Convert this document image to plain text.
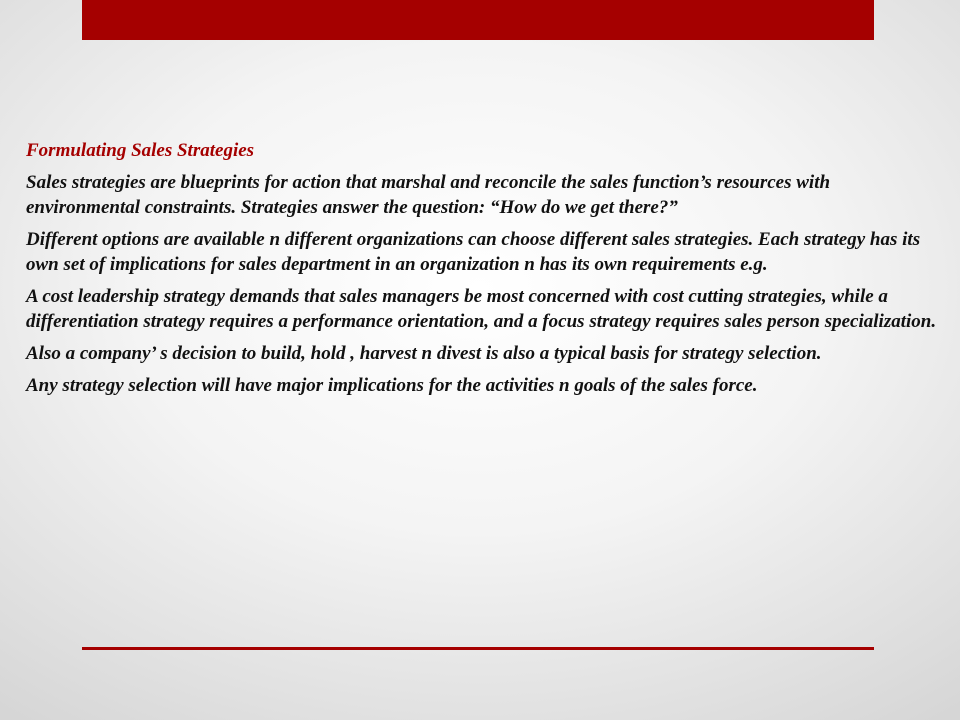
Formulating Sales Strategies
Sales strategies are blueprints for action that marshal and reconcile the sales function’s resources with environmental constraints. Strategies answer the question: “How do we get there?”
Different options are available n different organizations can choose different sales strategies. Each strategy has its own set of implications for sales department in an organization n has its own requirements e.g.
A cost leadership strategy demands that sales managers be most concerned with cost cutting strategies, while a differentiation strategy requires a performance orientation, and a focus strategy requires sales person specialization.
Also a company’ s decision to build, hold , harvest n divest is also a typical basis for strategy selection.
Any strategy selection will have major implications for the activities n goals of the sales force.
